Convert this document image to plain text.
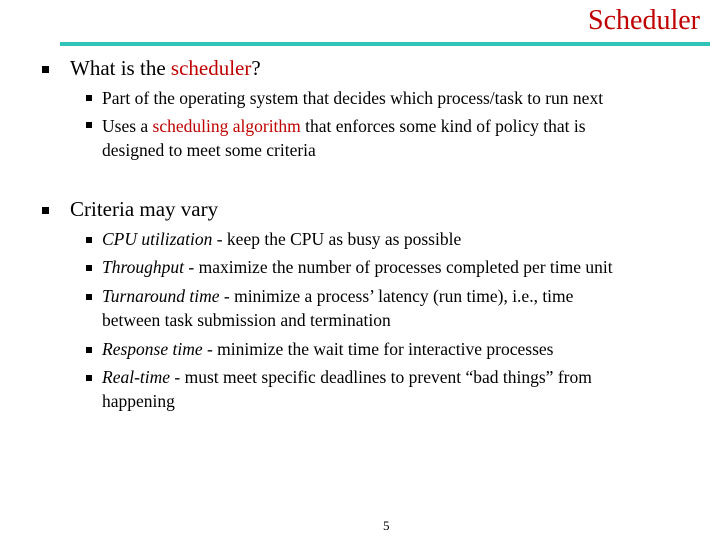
Scheduler
What is the scheduler?
Part of the operating system that decides which process/task to run next
Uses a scheduling algorithm that enforces some kind of policy that is
designed to meet some criteria
Criteria may vary
CPU utilization - keep the CPU as busy as possible
Throughput - maximize the number of processes completed per time unit
Turnaround time - minimize a process’ latency (run time), i.e., time
between task submission and termination
Response time - minimize the wait time for interactive processes
Real-time - must meet specific deadlines to prevent “bad things” from
happening
5
